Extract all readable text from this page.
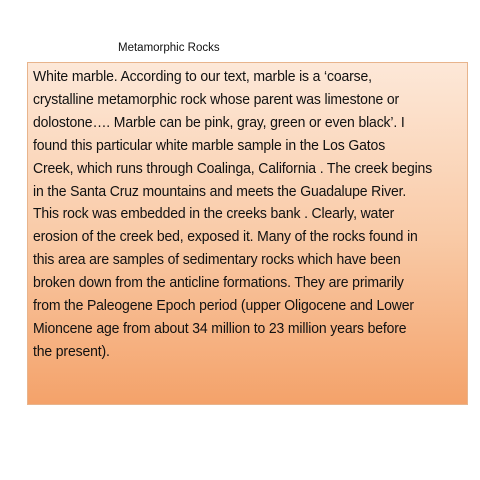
Metamorphic Rocks

White marble. According to our text, marble is a ‘coarse,
crystalline metamorphic rock whose parent was limestone or
dolostone…. Marble can be pink, gray, green or even black’. I
found this particular white marble sample in the Los Gatos
Creek, which runs through Coalinga, California . The creek begins
in the Santa Cruz mountains and meets the Guadalupe River.
This rock was embedded in the creeks bank . Clearly, water
erosion of the creek bed, exposed it. Many of the rocks found in
this area are samples of sedimentary rocks which have been
broken down from the anticline formations. They are primarily
from the Paleogene Epoch period (upper Oligocene and Lower
Mioncene age from about 34 million to 23 million years before
the present).
